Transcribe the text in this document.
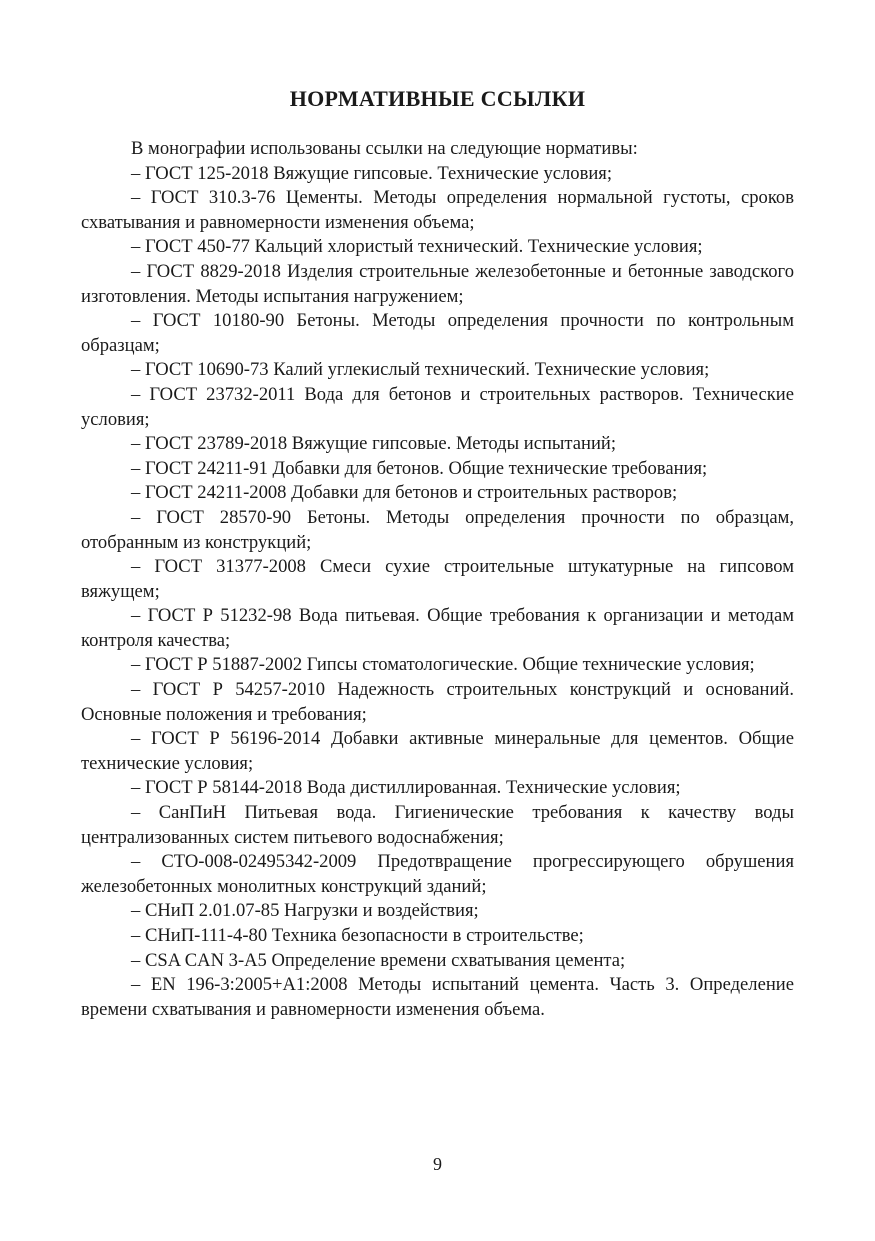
НОРМАТИВНЫЕ ССЫЛКИ

В монографии использованы ссылки на следующие нормативы:

– ГОСТ 125-2018 Вяжущие гипсовые. Технические условия;

– ГОСТ 310.3-76 Цементы. Методы определения нормальной густоты, сроков схватывания и равномерности изменения объема;

– ГОСТ 450-77 Кальций хлористый технический. Технические условия;

– ГОСТ 8829-2018 Изделия строительные железобетонные и бетонные заводского изготовления. Методы испытания нагружением;

– ГОСТ 10180-90 Бетоны. Методы определения прочности по контрольным образцам;

– ГОСТ 10690-73 Калий углекислый технический. Технические условия;

– ГОСТ 23732-2011 Вода для бетонов и строительных растворов. Технические условия;

– ГОСТ 23789-2018 Вяжущие гипсовые. Методы испытаний;

– ГОСТ 24211-91 Добавки для бетонов. Общие технические требования;

– ГОСТ 24211-2008 Добавки для бетонов и строительных растворов;

– ГОСТ 28570-90 Бетоны. Методы определения прочности по образцам, отобранным из конструкций;

– ГОСТ 31377-2008 Смеси сухие строительные штукатурные на гипсовом вяжущем;

– ГОСТ Р 51232-98 Вода питьевая. Общие требования к организации и методам контроля качества;

– ГОСТ Р 51887-2002 Гипсы стоматологические. Общие технические условия;

– ГОСТ Р 54257-2010 Надежность строительных конструкций и оснований. Основные положения и требования;

– ГОСТ Р 56196-2014 Добавки активные минеральные для цементов. Общие технические условия;

– ГОСТ Р 58144-2018 Вода дистиллированная. Технические условия;

– СанПиН Питьевая вода. Гигиенические требования к качеству воды централизованных систем питьевого водоснабжения;

– СТО-008-02495342-2009 Предотвращение прогрессирующего обрушения железобетонных монолитных конструкций зданий;

– СНиП 2.01.07-85 Нагрузки и воздействия;

– СНиП-111-4-80 Техника безопасности в строительстве;

– CSA CAN 3-A5 Определение времени схватывания цемента;

– EN 196-3:2005+A1:2008 Методы испытаний цемента. Часть 3. Определение времени схватывания и равномерности изменения объема.

9
